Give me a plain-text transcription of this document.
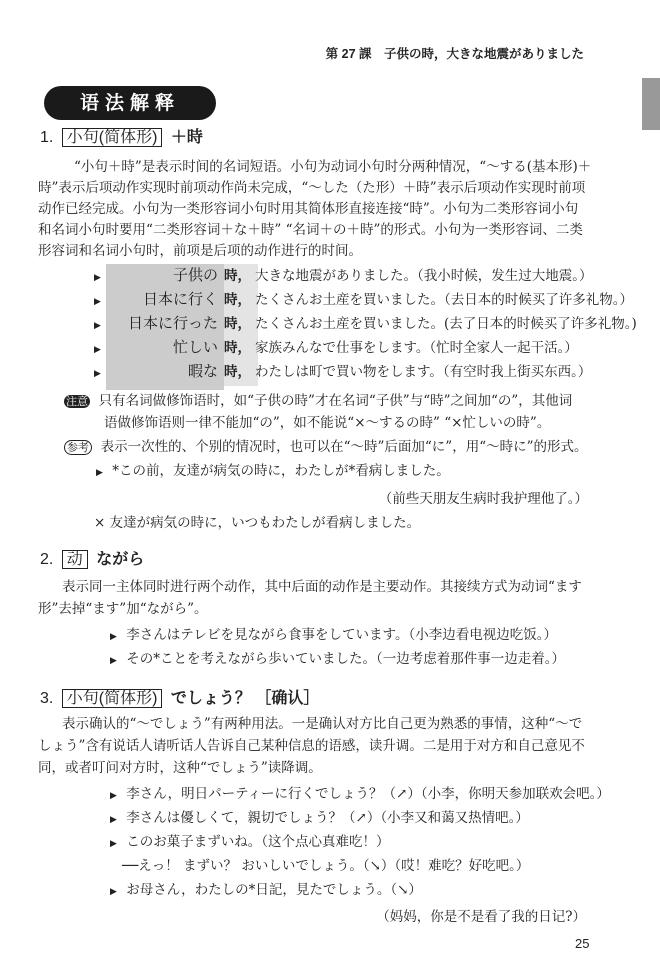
第 27 課　子供の時，大きな地震がありました
语法解释
1. 小句(简体形) ＋時
“小句＋時”是表示时间的名词短语。小句为动词小句时分两种情况，“～する(基本形)＋
時”表示后项动作实现时前项动作尚未完成，“～した（た形）＋時”表示后项动作实现时前项
动作已经完成。小句为一类形容词小句时用其简体形直接连接“時”。小句为二类形容词小句
和名词小句时要用“二类形容词＋な＋時” “名词＋の＋時”的形式。小句为一类形容词、二类
形容词和名词小句时，前项是后项的动作进行的时间。
▶	子供の 時， 大きな地震がありました。（我小时候，发生过大地震。）
▶	日本に行く 時， たくさんお土産を買いました。（去日本的时候买了许多礼物。）
▶	日本に行った 時， たくさんお土産を買いました。(去了日本的时候买了许多礼物。)
▶	忙しい 時， 家族みんなで仕事をします。（忙时全家人一起干活。）
▶	暇な 時， わたしは町で買い物をします。（有空时我上街买东西。）
注意 只有名词做修饰语时，如“子供の時”才在名词“子供”与“時”之间加“の”，其他词
语做修饰语则一律不能加“の”，如不能说“×～するの時” “×忙しいの時”。
参考 表示一次性的、个别的情况时，也可以在“～時”后面加“に”，用“～時に”的形式。
▶ *この前，友達が病気の時に，わたしが*看病しました。
（前些天朋友生病时我护理他了。）
× 友達が病気の時に，いつもわたしが看病しました。
2. 动 ながら
表示同一主体同时进行两个动作，其中后面的动作是主要动作。其接续方式为动词“ます
形”去掉“ます”加“ながら”。
▶ 李さんはテレビを見ながら食事をしています。（小李边看电视边吃饭。）
▶ その*ことを考えながら歩いていました。（一边考虑着那件事一边走着。）
3. 小句(简体形) でしょう？ ［确认］
表示确认的“～でしょう”有两种用法。一是确认对方比自己更为熟悉的事情，这种“～で
しょう”含有说话人请听话人告诉自己某种信息的语感，读升调。二是用于对方和自己意见不
同，或者叮问对方时，这种“でしょう”读降调。
▶ 李さん，明日パーティーに行くでしょう？（↗）（小李，你明天参加联欢会吧。）
▶ 李さんは優しくて，親切でしょう？（↗）（小李又和蔼又热情吧。）
▶ このお菓子まずいね。（这个点心真难吃！）
──えっ！ まずい？ おいしいでしょう。（↘）（哎！难吃？好吃吧。）
▶ お母さん，わたしの*日記，見たでしょう。（↘）
（妈妈，你是不是看了我的日记?）
25
